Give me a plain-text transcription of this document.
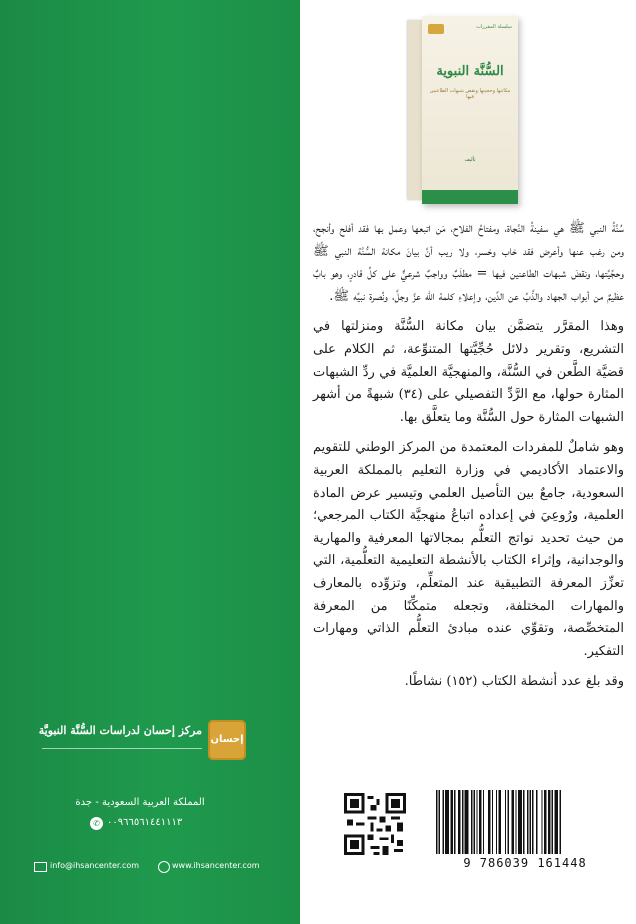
سلسلة المقررات
السُّنَّة النبوية
مكانتها وحجيتها ونقض شبهات الطاعنين فيها
تأليف

سُنَّةُ النبي ﷺ هي سفينةُ النَّجاة، ومفتاحُ الفلاح، مَن اتبعها وعمل بها فقد أفلح وأنجح، ومن رغب عنها وأعرض فقد خاب وخسر، ولا ريب أنَّ بيانَ مكانة السُّنَّة النبي ﷺ وحجِّيَّتها، ونقضَ شبهات الطاعنين فيها = مطلَبٌ وواجبٌ شرعيٌّ على كلِّ قادرٍ، وهو بابٌ عظيمٌ من أبواب الجهاد والذَّبِّ عن الدِّين، وإعلاءِ كلمة الله عزَّ وجلَّ، ونُصرة نبيِّه ﷺ.

وهذا المقرَّر يتضمَّن بيان مكانة السُّنَّة ومنزلتها في التشريع، وتقرير دلائل حُجِّيَّتها المتنوِّعة، ثم الكلام على قضيَّة الطَّعن في السُّنَّة، والمنهجيَّة العلميَّة في ردِّ الشبهات المثارة حولها، مع الرَّدِّ التفصيلي على (٣٤) شبهةً من أشهر الشبهات المثارة حول السُّنَّة وما يتعلَّق بها.

وهو شاملٌ للمفردات المعتمدة من المركز الوطني للتقويم والاعتماد الأكاديمي في وزارة التعليم بالمملكة العربية السعودية، جامعٌ بين التأصيل العلمي وتيسير عرض المادة العلمية، ورُوعِيَ في إعداده اتباعُ منهجيَّة الكتاب المرجعي؛ من حيث تحديد نواتج التعلُّم بمجالاتها المعرفية والمهارية والوجدانية، وإثراء الكتاب بالأنشطة التعليمية التعلُّمية، التي تعزِّز المعرفة التطبيقية عند المتعلِّم، وتزوِّده بالمعارف والمهارات المختلفة، وتجعله متمكِّنًا من المعرفة المتخصِّصة، وتقوِّي عنده مبادئ التعلُّم الذاتي ومهارات التفكير.

وقد بلغ عدد أنشطة الكتاب (١٥٢) نشاطًا.

إحسان
مركز إحسان لدراسات السُّنَّة النبويَّة
المملكة العربية السعودية - جدة
✆ ٠٠٩٦٦٥٦١٤٤١١١٣
info@ihsancenter.com	www.ihsancenter.com	9 786039 161448
